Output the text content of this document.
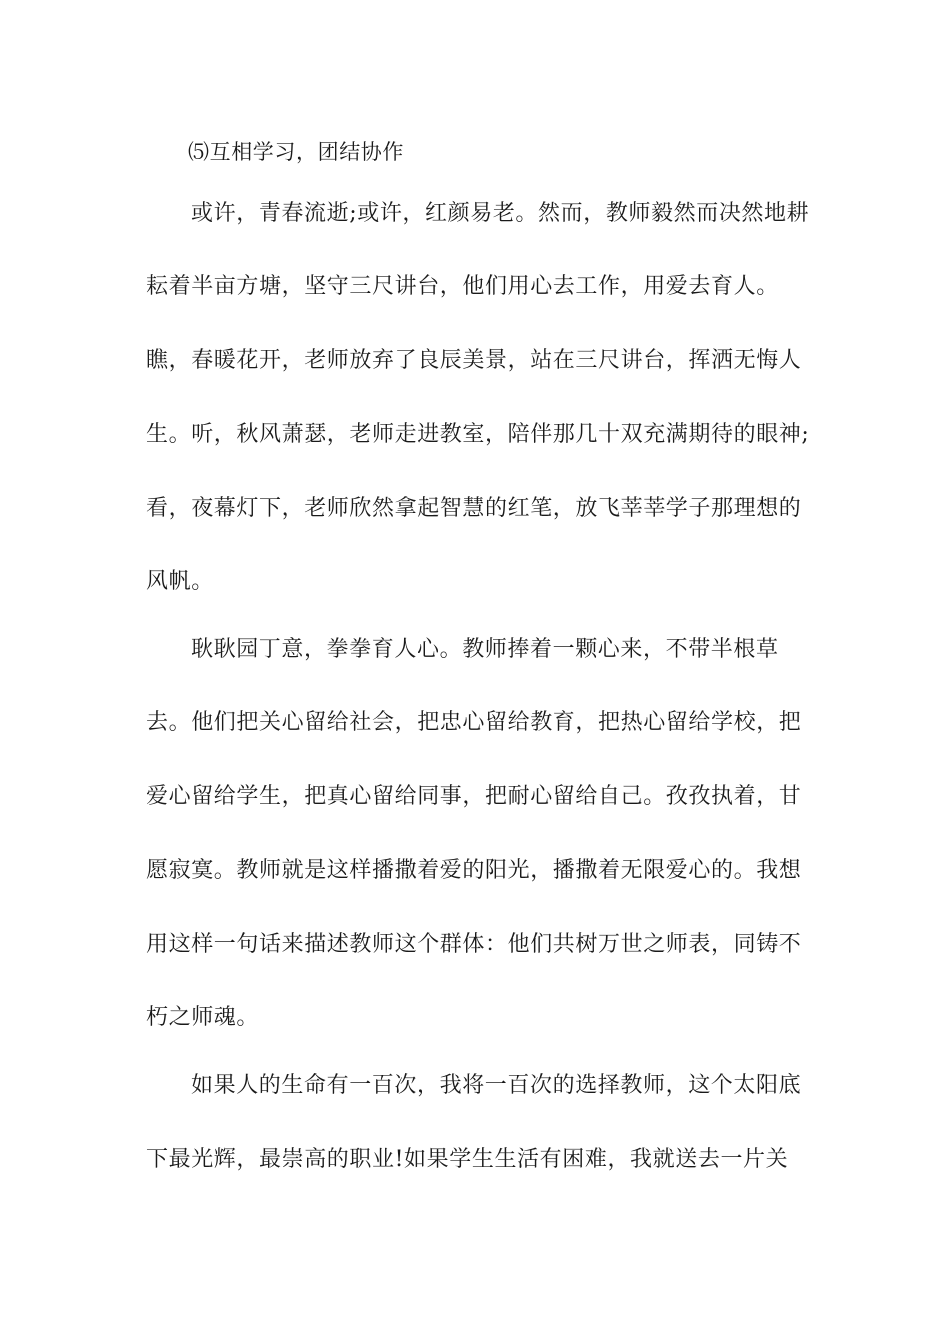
⑸互相学习，团结协作
或许，青春流逝;或许，红颜易老。然而，教师毅然而决然地耕
耘着半亩方塘，坚守三尺讲台，他们用心去工作，用爱去育人。
瞧，春暖花开，老师放弃了良辰美景，站在三尺讲台，挥洒无悔人
生。听，秋风萧瑟，老师走进教室，陪伴那几十双充满期待的眼神;
看，夜幕灯下，老师欣然拿起智慧的红笔，放飞莘莘学子那理想的
风帆。
耿耿园丁意，拳拳育人心。教师捧着一颗心来，不带半根草
去。他们把关心留给社会，把忠心留给教育，把热心留给学校，把
爱心留给学生，把真心留给同事，把耐心留给自己。孜孜执着，甘
愿寂寞。教师就是这样播撒着爱的阳光，播撒着无限爱心的。我想
用这样一句话来描述教师这个群体：他们共树万世之师表，同铸不
朽之师魂。
如果人的生命有一百次，我将一百次的选择教师，这个太阳底
下最光辉，最崇高的职业!如果学生生活有困难，我就送去一片关
